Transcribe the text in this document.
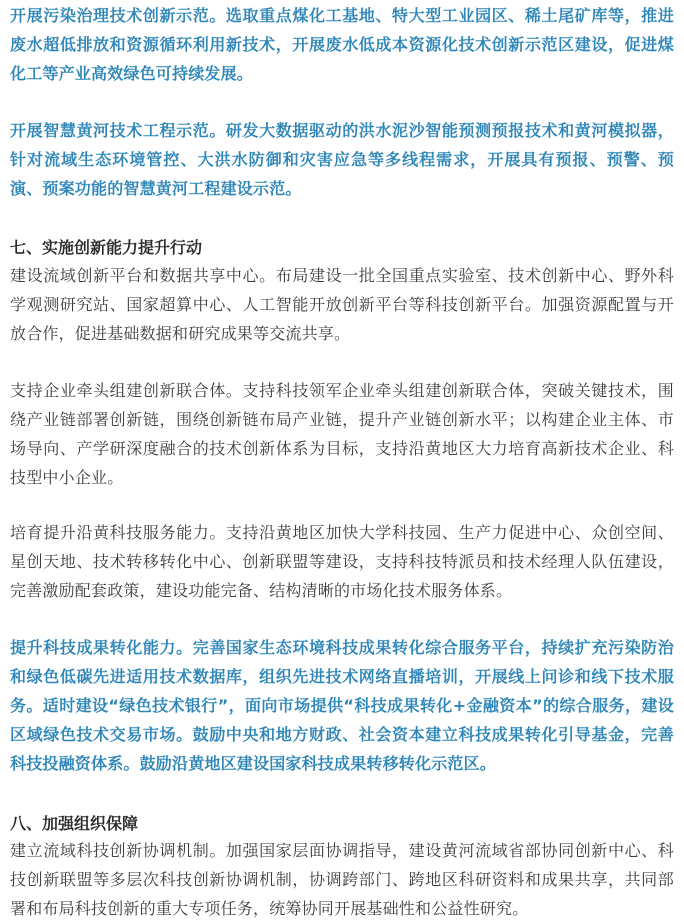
开展污染治理技术创新示范。选取重点煤化工基地、特大型工业园区、稀土尾矿库等，推进废水超低排放和资源循环利用新技术，开展废水低成本资源化技术创新示范区建设，促进煤化工等产业高效绿色可持续发展。

开展智慧黄河技术工程示范。研发大数据驱动的洪水泥沙智能预测预报技术和黄河模拟器，针对流域生态环境管控、大洪水防御和灾害应急等多线程需求，开展具有预报、预警、预演、预案功能的智慧黄河工程建设示范。

七、实施创新能力提升行动

建设流域创新平台和数据共享中心。布局建设一批全国重点实验室、技术创新中心、野外科学观测研究站、国家超算中心、人工智能开放创新平台等科技创新平台。加强资源配置与开放合作，促进基础数据和研究成果等交流共享。

支持企业牵头组建创新联合体。支持科技领军企业牵头组建创新联合体，突破关键技术，围绕产业链部署创新链，围绕创新链布局产业链，提升产业链创新水平；以构建企业主体、市场导向、产学研深度融合的技术创新体系为目标，支持沿黄地区大力培育高新技术企业、科技型中小企业。

培育提升沿黄科技服务能力。支持沿黄地区加快大学科技园、生产力促进中心、众创空间、星创天地、技术转移转化中心、创新联盟等建设，支持科技特派员和技术经理人队伍建设，完善激励配套政策，建设功能完备、结构清晰的市场化技术服务体系。

提升科技成果转化能力。完善国家生态环境科技成果转化综合服务平台，持续扩充污染防治和绿色低碳先进适用技术数据库，组织先进技术网络直播培训，开展线上问诊和线下技术服务。适时建设“绿色技术银行”，面向市场提供“科技成果转化+金融资本”的综合服务，建设区域绿色技术交易市场。鼓励中央和地方财政、社会资本建立科技成果转化引导基金，完善科技投融资体系。鼓励沿黄地区建设国家科技成果转移转化示范区。

八、加强组织保障

建立流域科技创新协调机制。加强国家层面协调指导，建设黄河流域省部协同创新中心、科技创新联盟等多层次科技创新协调机制，协调跨部门、跨地区科研资料和成果共享，共同部署和布局科技创新的重大专项任务，统筹协同开展基础性和公益性研究。
